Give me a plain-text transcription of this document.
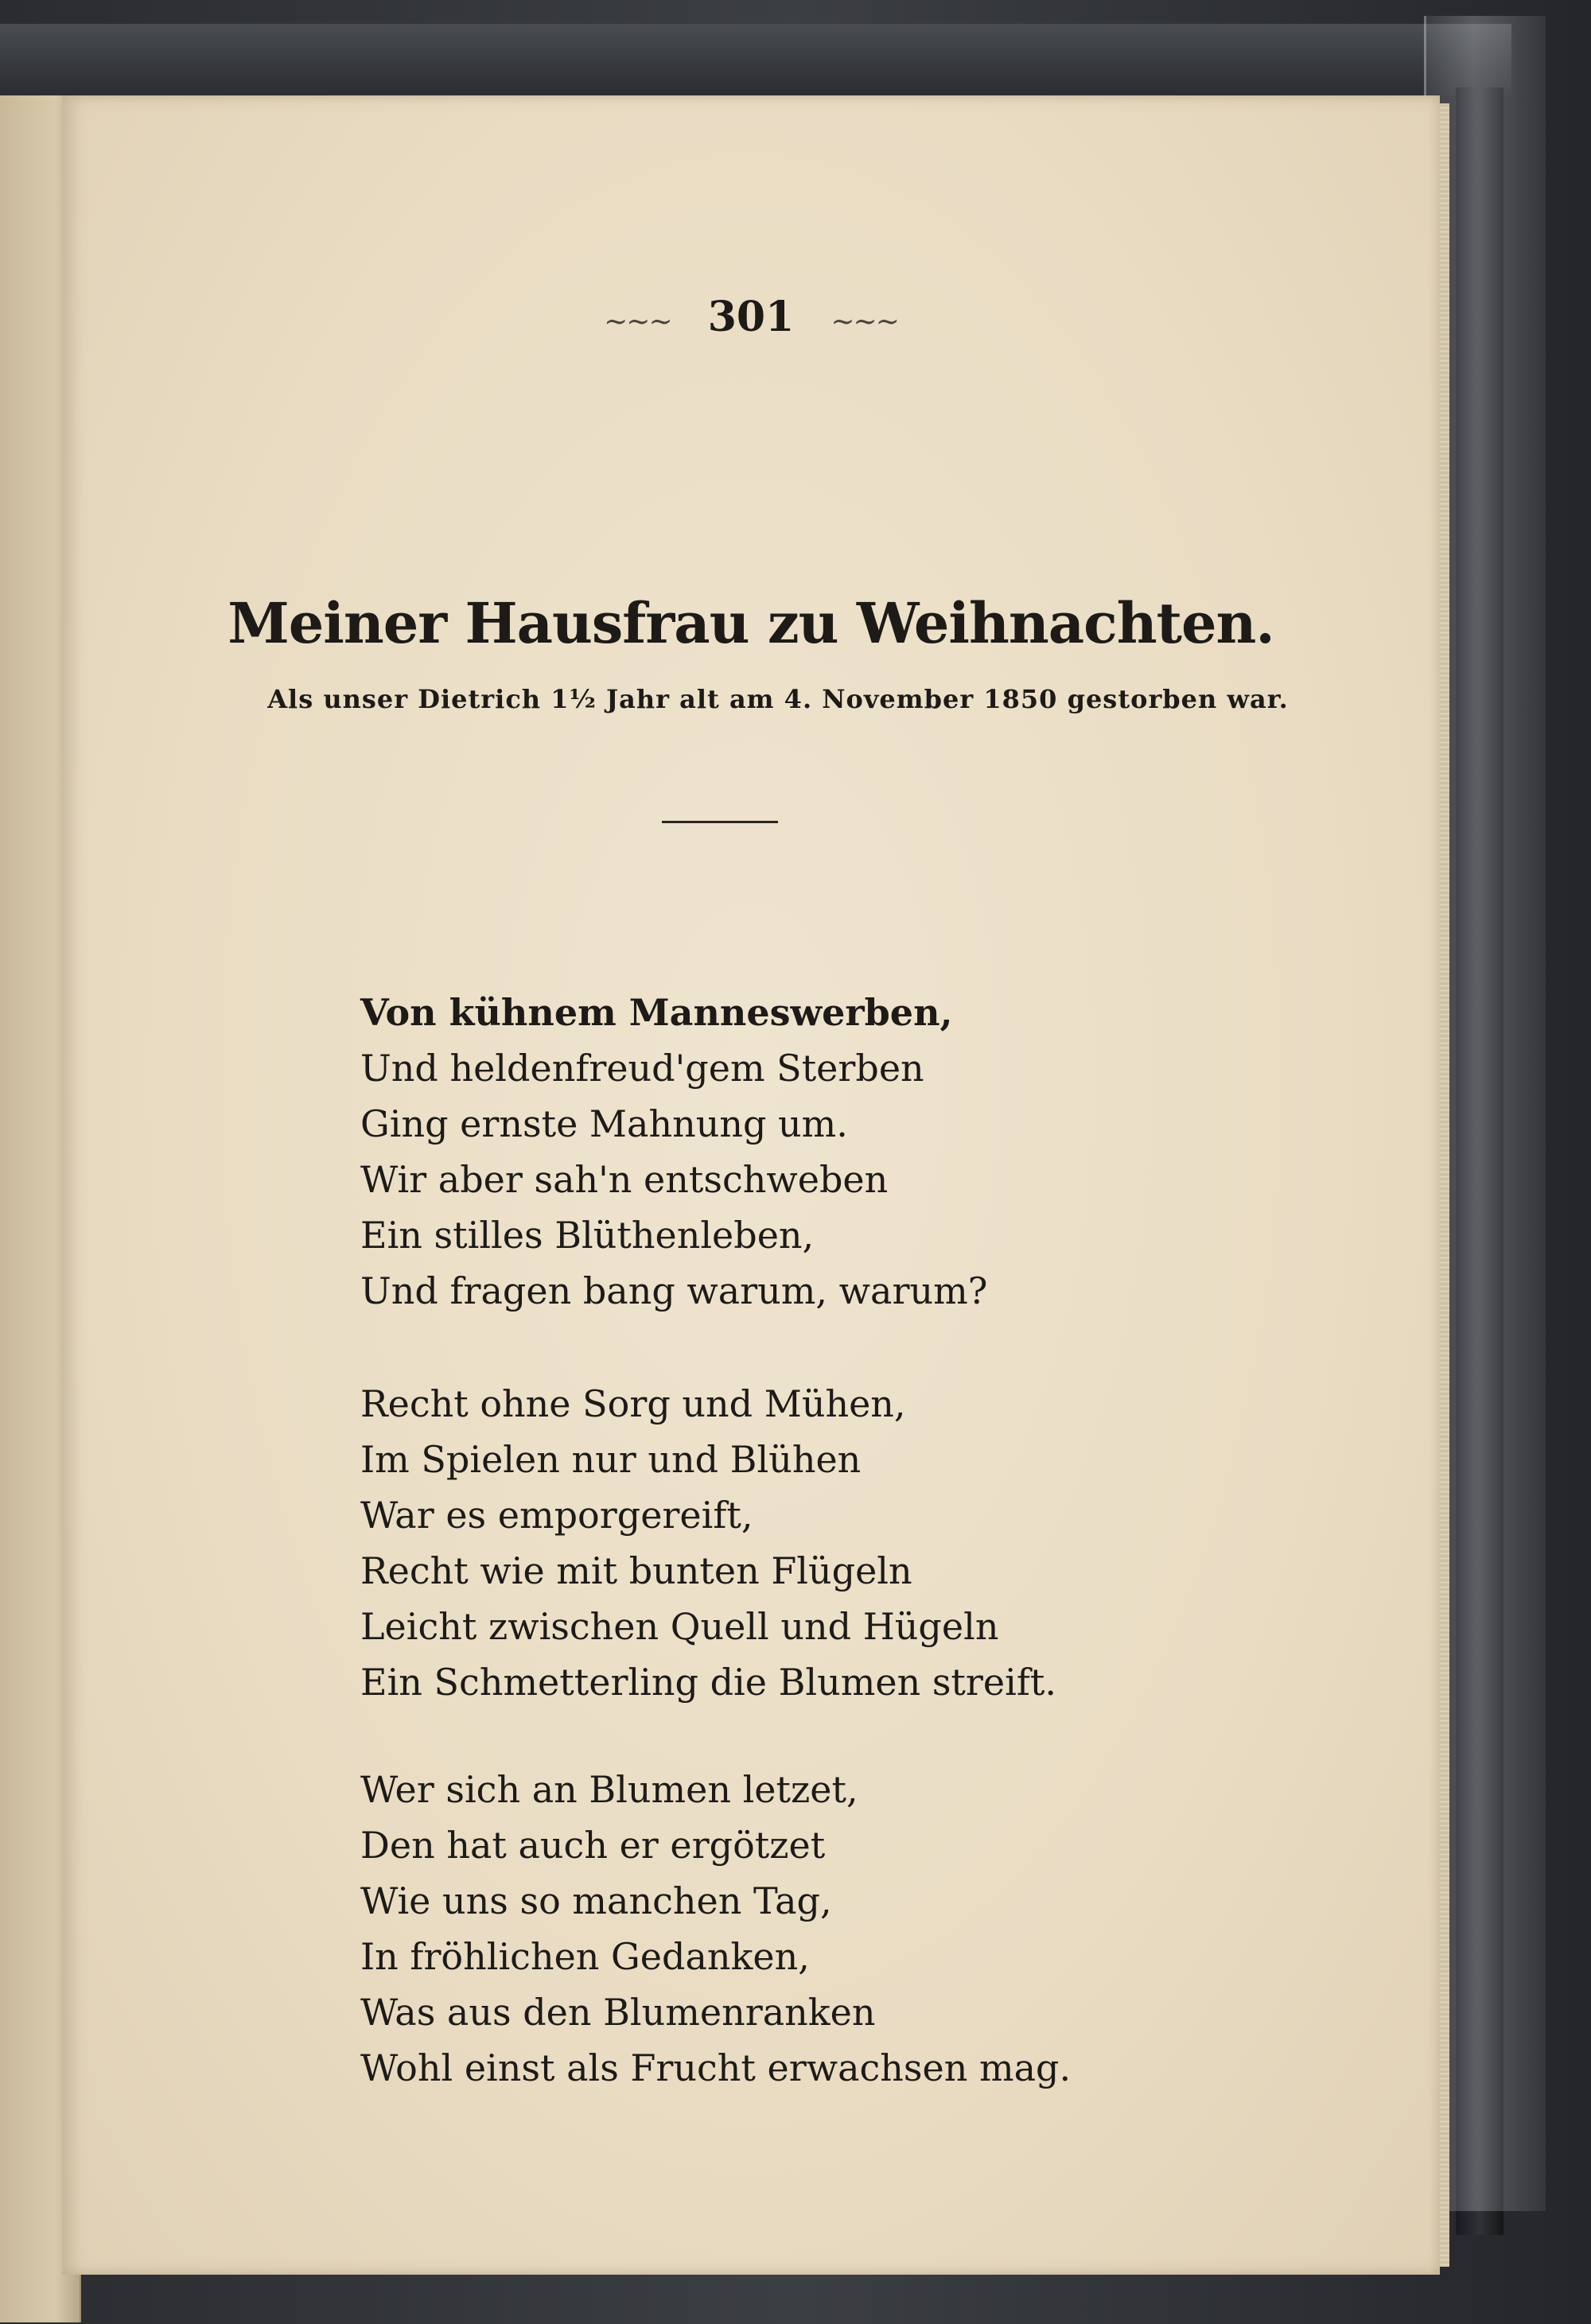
~~~ 301 ~~~
Meiner Hausfrau zu Weihnachten.
Als unser Dietrich 1½ Jahr alt am 4. November 1850 gestorben war.
Von kühnem Manneswerben,
Und heldenfreud'gem Sterben
Ging ernste Mahnung um.
Wir aber sah'n entschweben
Ein stilles Blüthenleben,
Und fragen bang warum, warum?
Recht ohne Sorg und Mühen,
Im Spielen nur und Blühen
War es emporgereift,
Recht wie mit bunten Flügeln
Leicht zwischen Quell und Hügeln
Ein Schmetterling die Blumen streift.
Wer sich an Blumen letzet,
Den hat auch er ergötzet
Wie uns so manchen Tag,
In fröhlichen Gedanken,
Was aus den Blumenranken
Wohl einst als Frucht erwachsen mag.
